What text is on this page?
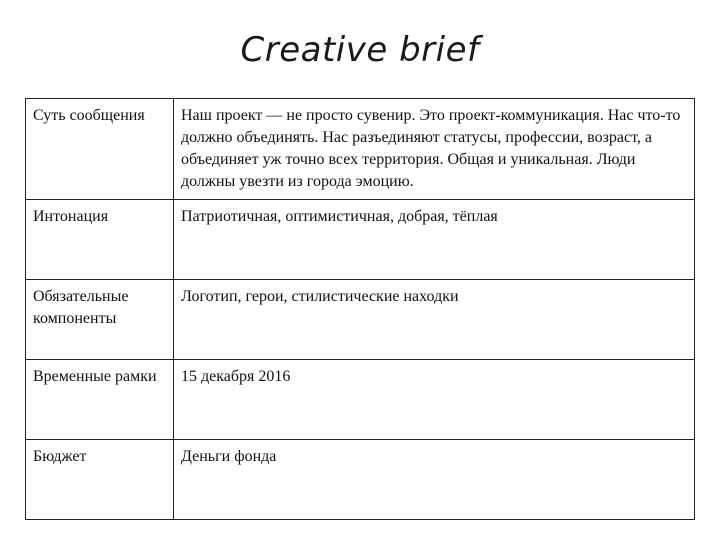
Creative brief
Суть сообщения	Наш проект — не просто сувенир. Это проект-коммуникация. Нас что-то должно объединять. Нас разъединяют статусы, профессии, возраст, а объединяет уж точно всех территория. Общая и уникальная. Люди должны увезти из города эмоцию.
Интонация	Патриотичная, оптимистичная, добрая, тёплая
Обязательные компоненты	Логотип, герои, стилистические находки
Временные рамки	15 декабря 2016
Бюджет	Деньги фонда
